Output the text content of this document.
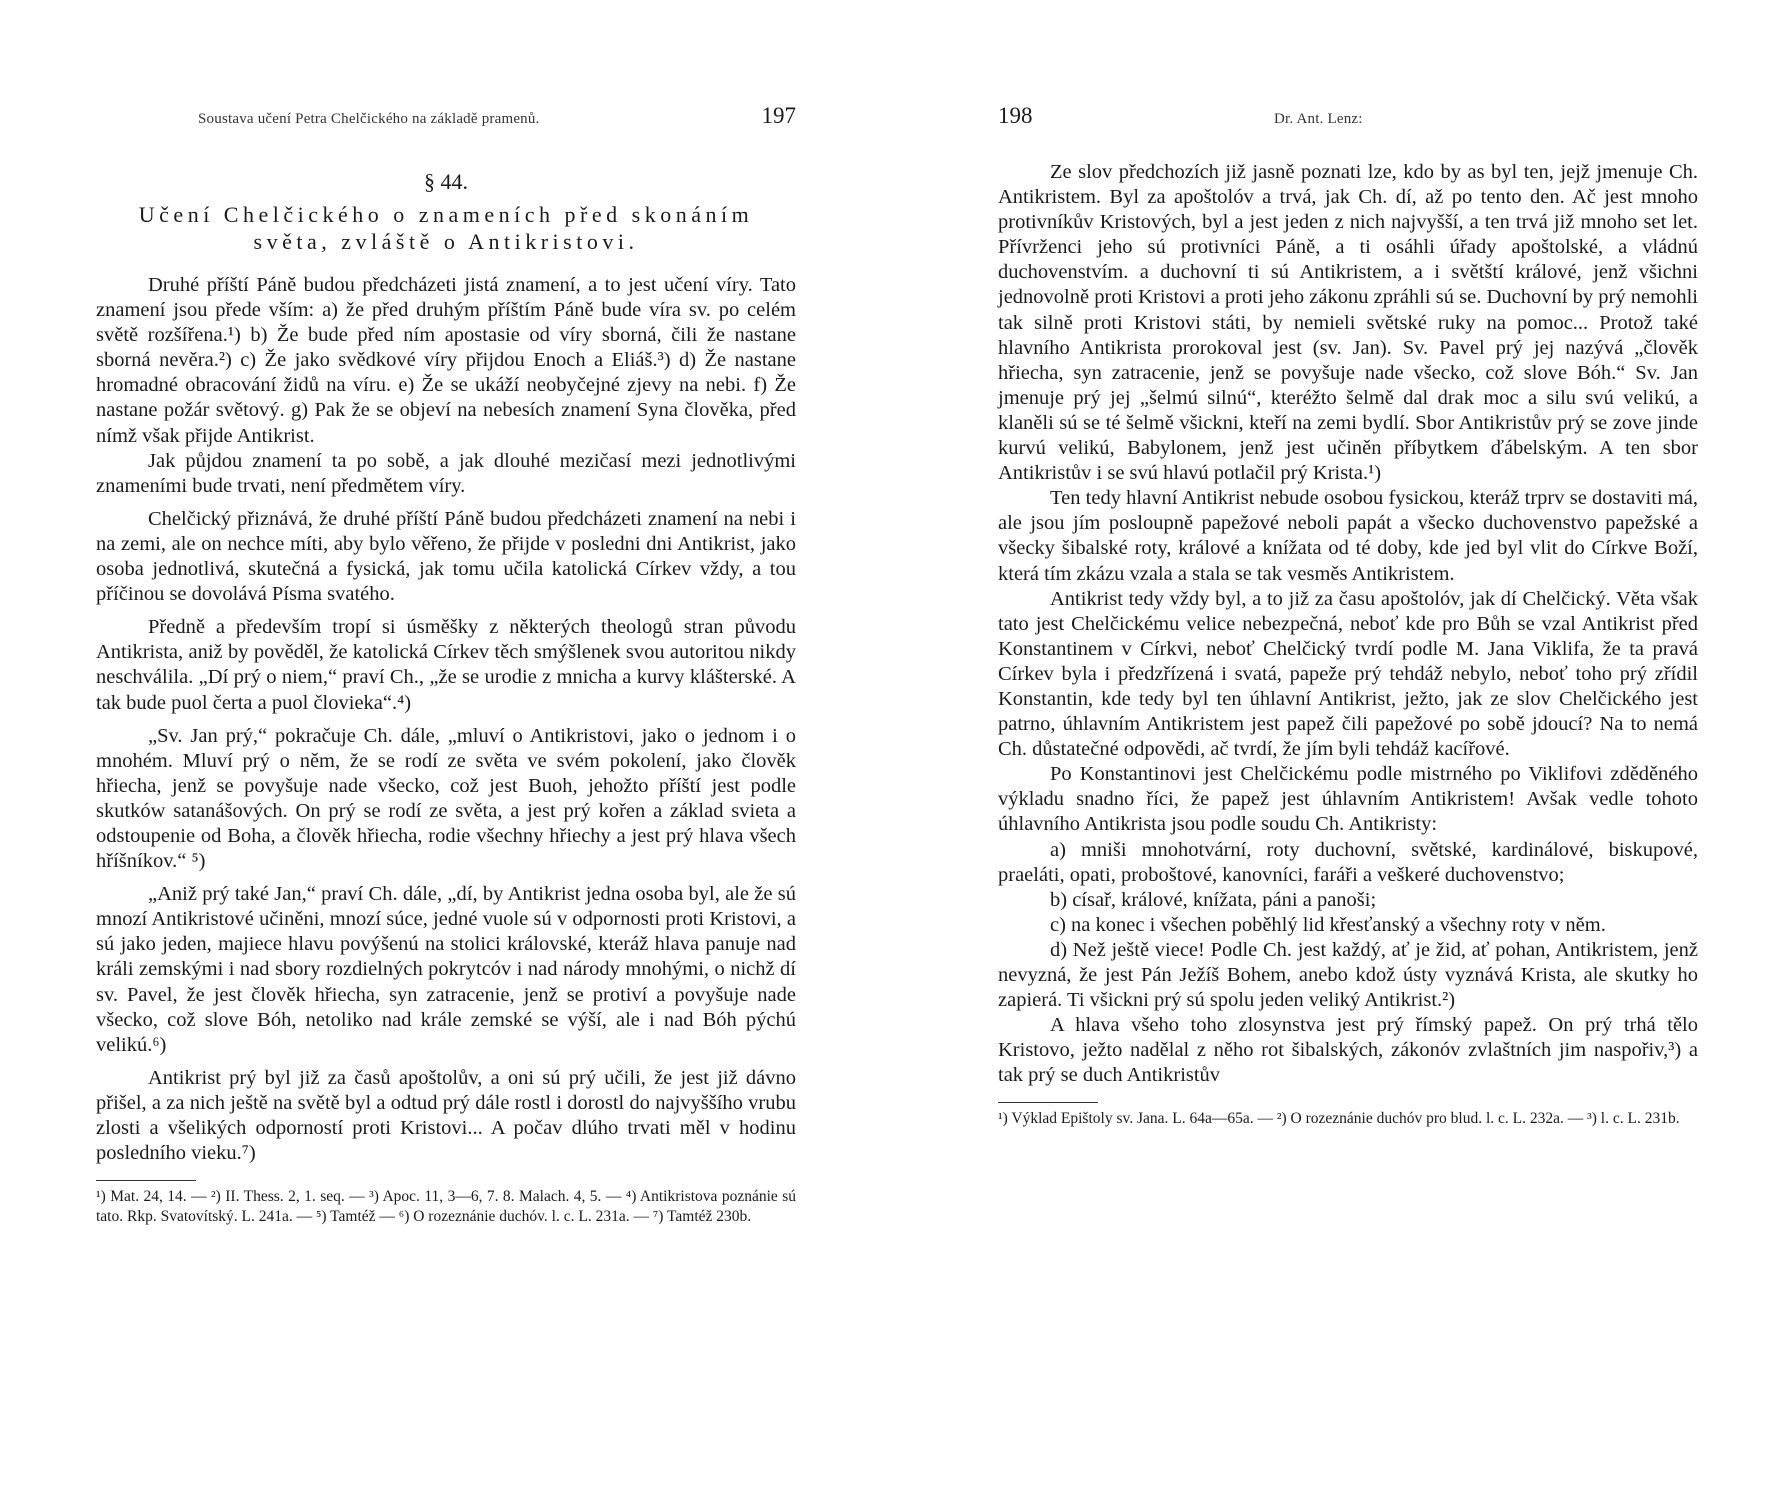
Soustava učení Petra Chelčického na základě pramenů.	197
§ 44.
Učení Chelčického o znameních před skonáním
světa, zvláště o Antikristovi.

Druhé příští Páně budou předcházeti jistá znamení, a to jest učení víry. Tato znamení jsou přede vším: a) že před druhým příštím Páně bude víra sv. po celém světě rozšířena.¹) b) Že bude před ním apostasie od víry sborná, čili že nastane sborná nevěra.²) c) Že jako svědkové víry přijdou Enoch a Eliáš.³) d) Že nastane hromadné obracování židů na víru. e) Že se ukáží neobyčejné zjevy na nebi. f) Že nastane požár světový. g) Pak že se objeví na nebesích znamení Syna člověka, před nímž však přijde Antikrist.

Jak půjdou znamení ta po sobě, a jak dlouhé mezičasí mezi jednotlivými znameními bude trvati, není předmětem víry.

Chelčický přiznává, že druhé příští Páně budou předcházeti znamení na nebi i na zemi, ale on nechce míti, aby bylo věřeno, že přijde v posledni dni Antikrist, jako osoba jednotlivá, skutečná a fysická, jak tomu učila katolická Církev vždy, a tou příčinou se dovolává Písma svatého.

Předně a především tropí si úsměšky z některých theologů stran původu Antikrista, aniž by pověděl, že katolická Církev těch smýšlenek svou autoritou nikdy neschválila. „Dí prý o niem,“ praví Ch., „že se urodie z mnicha a kurvy klášterské. A tak bude puol čerta a puol človieka“.⁴)

„Sv. Jan prý,“ pokračuje Ch. dále, „mluví o Antikristovi, jako o jednom i o mnohém. Mluví prý o něm, že se rodí ze světa ve svém pokolení, jako člověk hřiecha, jenž se povyšuje nade všecko, což jest Buoh, jehožto příští jest podle skutków satanášových. On prý se rodí ze světa, a jest prý kořen a základ svieta a odstoupenie od Boha, a člověk hřiecha, rodie všechny hřiechy a jest prý hlava všech hříšníkov.“ ⁵)

„Aniž prý také Jan,“ praví Ch. dále, „dí, by Antikrist jedna osoba byl, ale že sú mnozí Antikristové učiněni, mnozí súce, jedné vuole sú v odpornosti proti Kristovi, a sú jako jeden, majiece hlavu povýšenú na stolici královské, kteráž hlava panuje nad králi zemskými i nad sbory rozdielných pokrytcóv i nad národy mnohými, o nichž dí sv. Pavel, že jest člověk hřiecha, syn zatracenie, jenž se protiví a povyšuje nade všecko, což slove Bóh, netoliko nad krále zemské se výší, ale i nad Bóh pýchú velikú.⁶)

Antikrist prý byl již za časů apoštolův, a oni sú prý učili, že jest již dávno přišel, a za nich ještě na světě byl a odtud prý dále rostl i dorostl do najvyššího vrubu zlosti a všelikých odporností proti Kristovi... A počav dlúho trvati měl v hodinu posledního vieku.⁷)

¹) Mat. 24, 14. — ²) II. Thess. 2, 1. seq. — ³) Apoc. 11, 3—6, 7. 8. Malach. 4, 5. — ⁴) Antikristova poznánie sú tato. Rkp. Svatovítský. L. 241a. — ⁵) Tamtéž — ⁶) O rozeznánie duchóv. l. c. L. 231a. — ⁷) Tamtéž 230b.

198	Dr. Ant. Lenz:

Ze slov předchozích již jasně poznati lze, kdo by as byl ten, jejž jmenuje Ch. Antikristem. Byl za apoštolóv a trvá, jak Ch. dí, až po tento den. Ač jest mnoho protivníkův Kristových, byl a jest jeden z nich najvyšší, a ten trvá již mnoho set let. Přívrženci jeho sú protivníci Páně, a ti osáhli úřady apoštolské, a vládnú duchovenstvím. a duchovní ti sú Antikristem, a i světští králové, jenž všichni jednovolně proti Kristovi a proti jeho zákonu zpráhli sú se. Duchovní by prý nemohli tak silně proti Kristovi státi, by nemieli světské ruky na pomoc... Protož také hlavního Antikrista prorokoval jest (sv. Jan). Sv. Pavel prý jej nazývá „člověk hřiecha, syn zatracenie, jenž se povyšuje nade všecko, což slove Bóh.“ Sv. Jan jmenuje prý jej „šelmú silnú“, kteréžto šelmě dal drak moc a silu svú velikú, a klaněli sú se té šelmě všickni, kteří na zemi bydlí. Sbor Antikristův prý se zove jinde kurvú velikú, Babylonem, jenž jest učiněn příbytkem ďábelským. A ten sbor Antikristův i se svú hlavú potlačil prý Krista.¹)

Ten tedy hlavní Antikrist nebude osobou fysickou, kteráž trprv se dostaviti má, ale jsou jím posloupně papežové neboli papát a všecko duchovenstvo papežské a všecky šibalské roty, králové a knížata od té doby, kde jed byl vlit do Církve Boží, která tím zkázu vzala a stala se tak vesměs Antikristem.

Antikrist tedy vždy byl, a to již za času apoštolóv, jak dí Chelčický. Věta však tato jest Chelčickému velice nebezpečná, neboť kde pro Bůh se vzal Antikrist před Konstantinem v Církvi, neboť Chelčický tvrdí podle M. Jana Viklifa, že ta pravá Církev byla i předzřízená i svatá, papeže prý tehdáž nebylo, neboť toho prý zřídil Konstantin, kde tedy byl ten úhlavní Antikrist, ježto, jak ze slov Chelčického jest patrno, úhlavním Antikristem jest papež čili papežové po sobě jdoucí? Na to nemá Ch. důstatečné odpovědi, ač tvrdí, že jím byli tehdáž kacířové.

Po Konstantinovi jest Chelčickému podle mistrného po Viklifovi zděděného výkladu snadno říci, že papež jest úhlavním Antikristem! Avšak vedle tohoto úhlavního Antikrista jsou podle soudu Ch. Antikristy:

a) mniši mnohotvární, roty duchovní, světské, kardinálové, biskupové, praeláti, opati, proboštové, kanovníci, faráři a veškeré duchovenstvo;

b) císař, králové, knížata, páni a panoši;

c) na konec i všechen poběhlý lid křesťanský a všechny roty v něm.

d) Než ještě viece! Podle Ch. jest každý, ať je žid, ať pohan, Antikristem, jenž nevyzná, že jest Pán Ježíš Bohem, anebo kdož ústy vyznává Krista, ale skutky ho zapierá. Ti všickni prý sú spolu jeden veliký Antikrist.²)

A hlava všeho toho zlosynstva jest prý římský papež. On prý trhá tělo Kristovo, ježto nadělal z něho rot šibalských, zákonóv zvlaštních jim naspořiv,³) a tak prý se duch Antikristův

¹) Výklad Epištoly sv. Jana. L. 64a—65a. — ²) O rozeznánie duchóv pro blud. l. c. L. 232a. — ³) l. c. L. 231b.
